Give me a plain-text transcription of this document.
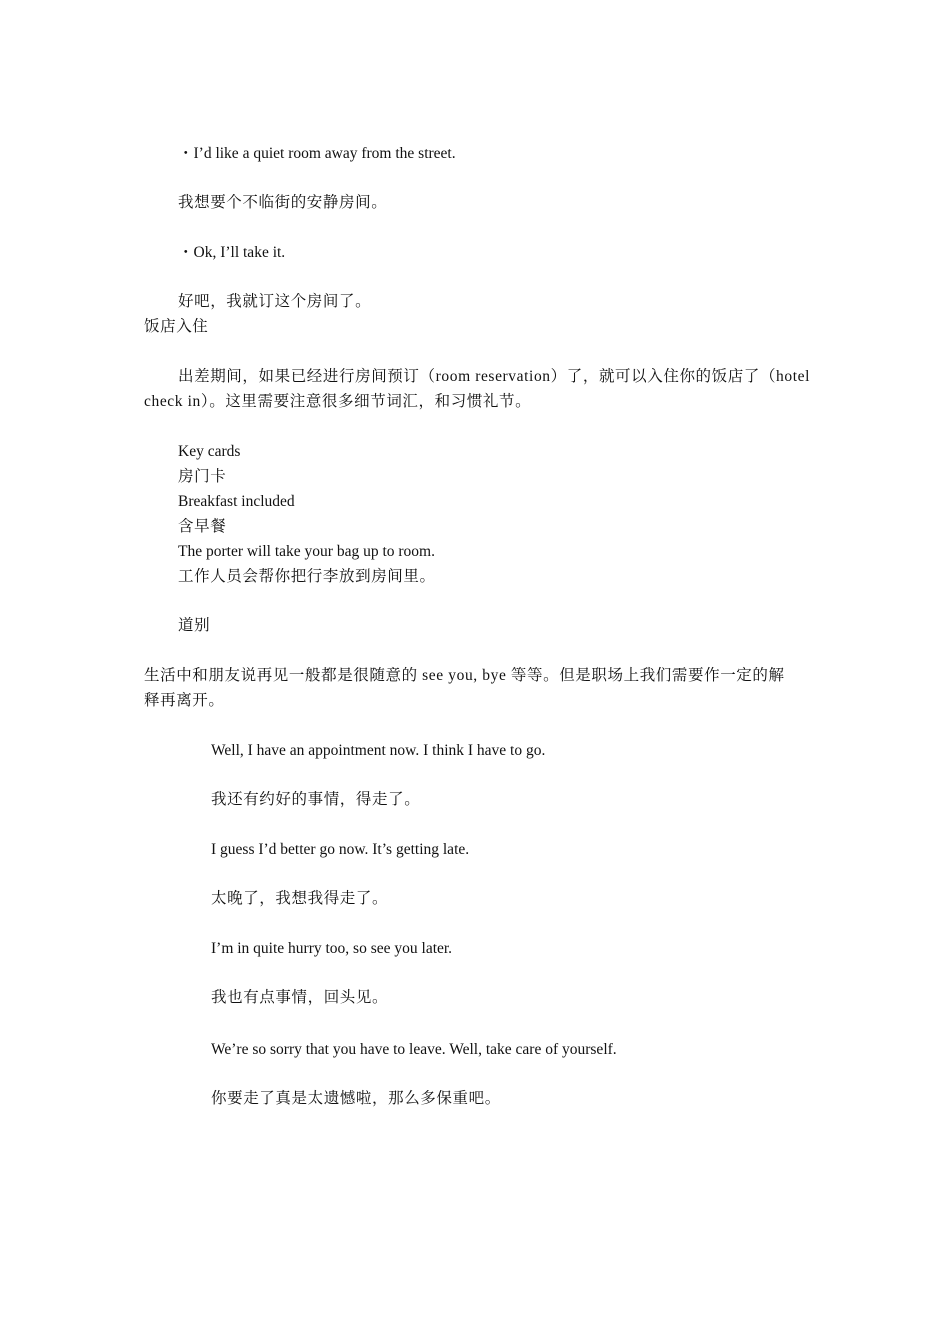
・I’d like a quiet room away from the street.
我想要个不临街的安静房间。
・Ok, I’ll take it.
好吧，我就订这个房间了。
饭店入住
出差期间，如果已经进行房间预订（room reservation）了，就可以入住你的饭店了（hotel
check in）。这里需要注意很多细节词汇，和习惯礼节。
Key cards
房门卡
Breakfast included
含早餐
The porter will take your bag up to room.
工作人员会帮你把行李放到房间里。
道别
生活中和朋友说再见一般都是很随意的 see you, bye 等等。但是职场上我们需要作一定的解
释再离开。
Well, I have an appointment now. I think I have to go.
我还有约好的事情，得走了。
I guess I’d better go now. It’s getting late.
太晚了，我想我得走了。
I’m in quite hurry too, so see you later.
我也有点事情，回头见。
We’re so sorry that you have to leave. Well, take care of yourself.
你要走了真是太遗憾啦，那么多保重吧。
